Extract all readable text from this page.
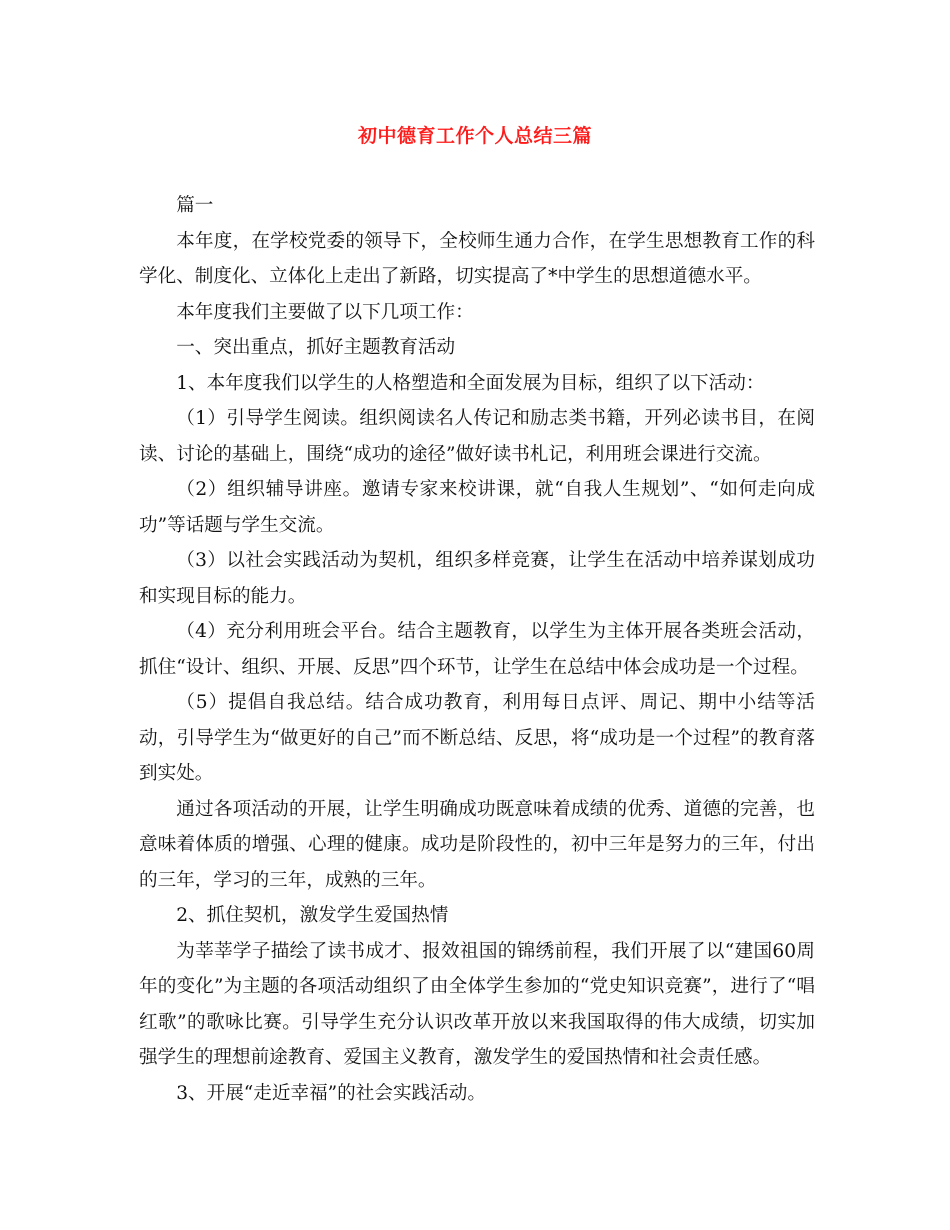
初中德育工作个人总结三篇

篇一

本年度，在学校党委的领导下，全校师生通力合作，在学生思想教育工作的科学化、制度化、立体化上走出了新路，切实提高了*中学生的思想道德水平。

本年度我们主要做了以下几项工作：

一、突出重点，抓好主题教育活动

1、本年度我们以学生的人格塑造和全面发展为目标，组织了以下活动：

（1）引导学生阅读。组织阅读名人传记和励志类书籍，开列必读书目，在阅读、讨论的基础上，围绕“成功的途径”做好读书札记，利用班会课进行交流。

（2）组织辅导讲座。邀请专家来校讲课，就“自我人生规划”、“如何走向成功”等话题与学生交流。

（3）以社会实践活动为契机，组织多样竞赛，让学生在活动中培养谋划成功和实现目标的能力。

（4）充分利用班会平台。结合主题教育，以学生为主体开展各类班会活动，抓住“设计、组织、开展、反思”四个环节，让学生在总结中体会成功是一个过程。

（5）提倡自我总结。结合成功教育，利用每日点评、周记、期中小结等活动，引导学生为“做更好的自己”而不断总结、反思，将“成功是一个过程”的教育落到实处。

通过各项活动的开展，让学生明确成功既意味着成绩的优秀、道德的完善，也意味着体质的增强、心理的健康。成功是阶段性的，初中三年是努力的三年，付出的三年，学习的三年，成熟的三年。

2、抓住契机，激发学生爱国热情

为莘莘学子描绘了读书成才、报效祖国的锦绣前程，我们开展了以“建国60周年的变化”为主题的各项活动组织了由全体学生参加的“党史知识竞赛”，进行了“唱红歌”的歌咏比赛。引导学生充分认识改革开放以来我国取得的伟大成绩，切实加强学生的理想前途教育、爱国主义教育，激发学生的爱国热情和社会责任感。

3、开展“走近幸福”的社会实践活动。
